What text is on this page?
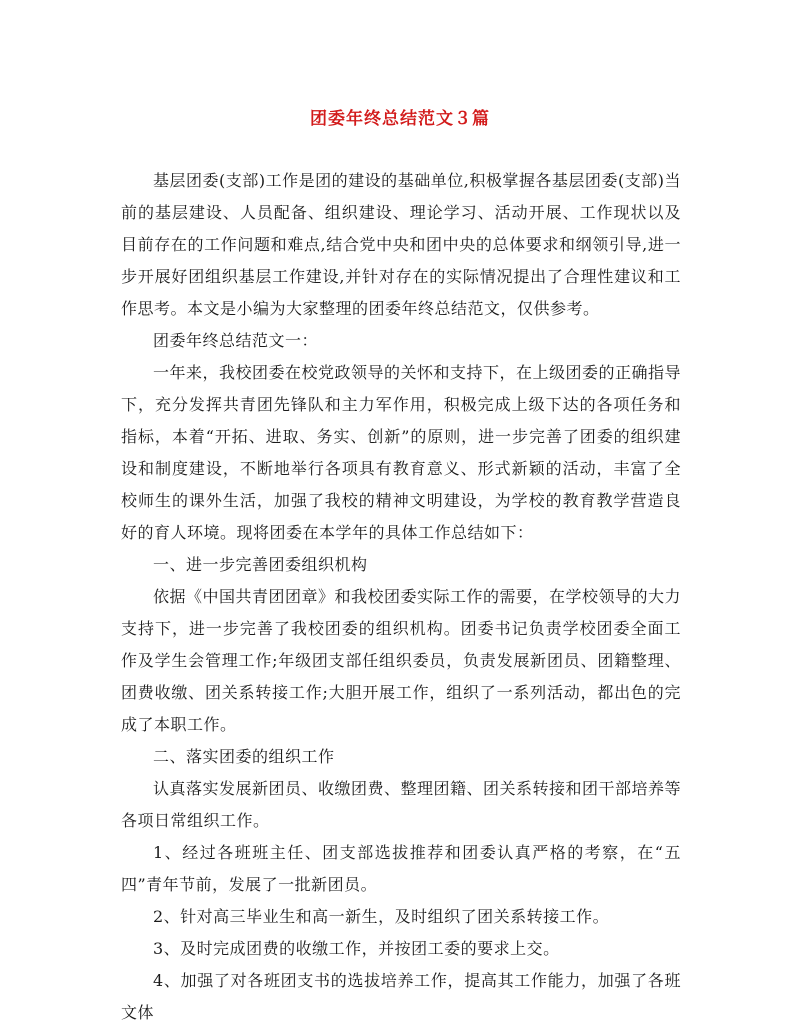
团委年终总结范文３篇

基层团委(支部)工作是团的建设的基础单位,积极掌握各基层团委(支部)当前的基层建设、人员配备、组织建设、理论学习、活动开展、工作现状以及目前存在的工作问题和难点,结合党中央和团中央的总体要求和纲领引导,进一步开展好团组织基层工作建设,并针对存在的实际情况提出了合理性建议和工作思考。本文是小编为大家整理的团委年终总结范文，仅供参考。

团委年终总结范文一：

一年来，我校团委在校党政领导的关怀和支持下，在上级团委的正确指导下，充分发挥共青团先锋队和主力军作用，积极完成上级下达的各项任务和指标，本着“开拓、进取、务实、创新”的原则，进一步完善了团委的组织建设和制度建设，不断地举行各项具有教育意义、形式新颖的活动，丰富了全校师生的课外生活，加强了我校的精神文明建设，为学校的教育教学营造良好的育人环境。现将团委在本学年的具体工作总结如下：

一、进一步完善团委组织机构

依据《中国共青团团章》和我校团委实际工作的需要，在学校领导的大力支持下，进一步完善了我校团委的组织机构。团委书记负责学校团委全面工作及学生会管理工作;年级团支部任组织委员，负责发展新团员、团籍整理、团费收缴、团关系转接工作;大胆开展工作，组织了一系列活动，都出色的完成了本职工作。

二、落实团委的组织工作

认真落实发展新团员、收缴团费、整理团籍、团关系转接和团干部培养等各项日常组织工作。

1、经过各班班主任、团支部选拔推荐和团委认真严格的考察，在“五四”青年节前，发展了一批新团员。

2、针对高三毕业生和高一新生，及时组织了团关系转接工作。

3、及时完成团费的收缴工作，并按团工委的要求上交。

4、加强了对各班团支书的选拔培养工作，提高其工作能力，加强了各班文体
